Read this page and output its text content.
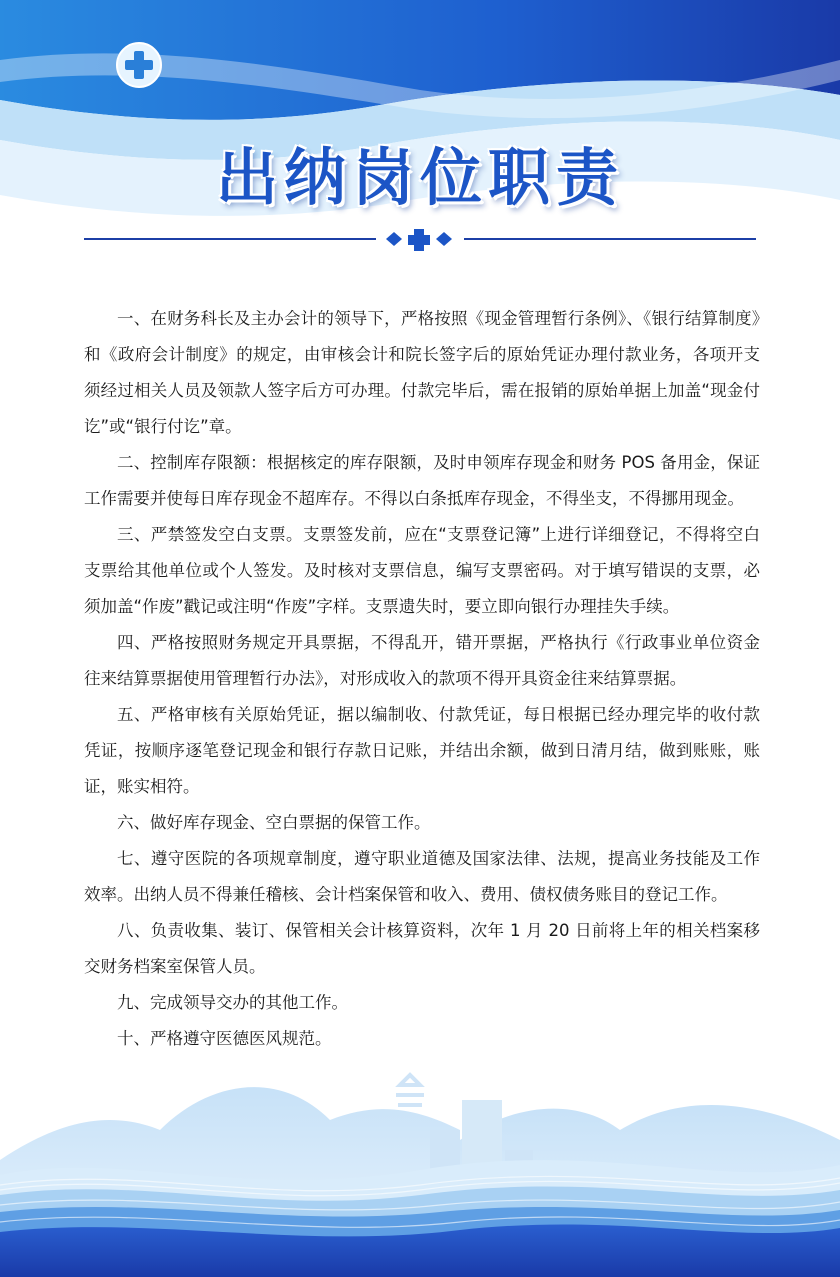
出纳岗位职责

一、在财务科长及主办会计的领导下，严格按照《现金管理暂行条例》、《银行结算制度》和《政府会计制度》的规定，由审核会计和院长签字后的原始凭证办理付款业务，各项开支须经过相关人员及领款人签字后方可办理。付款完毕后，需在报销的原始单据上加盖“现金付讫”或“银行付讫”章。

二、控制库存限额：根据核定的库存限额，及时申领库存现金和财务 POS 备用金，保证工作需要并使每日库存现金不超库存。不得以白条抵库存现金，不得坐支，不得挪用现金。

三、严禁签发空白支票。支票签发前，应在“支票登记簿”上进行详细登记，不得将空白支票给其他单位或个人签发。及时核对支票信息，编写支票密码。对于填写错误的支票，必须加盖“作废”戳记或注明“作废”字样。支票遗失时，要立即向银行办理挂失手续。

四、严格按照财务规定开具票据，不得乱开，错开票据，严格执行《行政事业单位资金往来结算票据使用管理暂行办法》，对形成收入的款项不得开具资金往来结算票据。

五、严格审核有关原始凭证，据以编制收、付款凭证，每日根据已经办理完毕的收付款凭证，按顺序逐笔登记现金和银行存款日记账，并结出余额，做到日清月结，做到账账，账证，账实相符。

六、做好库存现金、空白票据的保管工作。

七、遵守医院的各项规章制度，遵守职业道德及国家法律、法规，提高业务技能及工作效率。出纳人员不得兼任稽核、会计档案保管和收入、费用、债权债务账目的登记工作。

八、负责收集、装订、保管相关会计核算资料，次年 1 月 20 日前将上年的相关档案移交财务档案室保管人员。

九、完成领导交办的其他工作。

十、严格遵守医德医风规范。
